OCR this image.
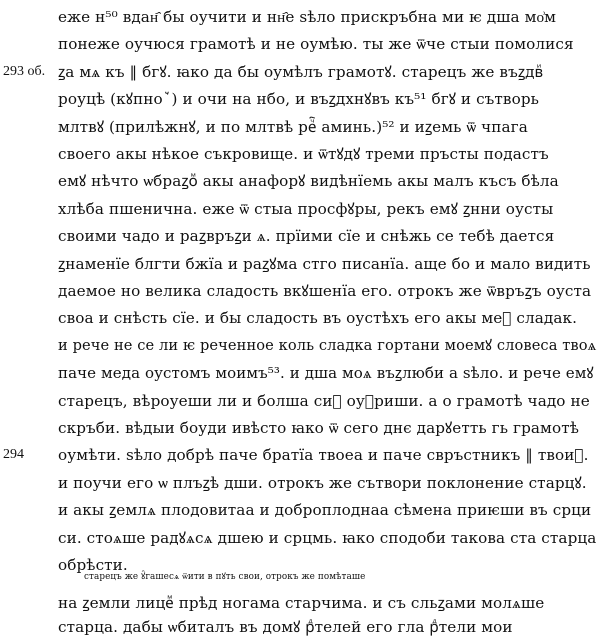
293 об.
294
еже н⁵⁰ вдан҄ бы оучити и нн҄е ѕѣло прискръбна ми ѥ дша мо͗м
понеже оучюся грамотѣ и не оумѣю. ты же ѿче стыи помолися
ꙁа мѧ къ ‖ бгꙋ. ꙗко да бы оумѣлъ грамотꙋ. старецъ же въꙁдвꙵ
роуцѣ (кꙋпноꙿ) и очи на нбо, и въꙁдхнꙋвъ къ⁵¹ бгꙋ и сътворь
млтвꙋ (прилѣжнꙋ, и по млтвѣ реⷱ҇ аминь.)⁵² и иꙁемь ѿ чпага
своего акы нѣкое съкровище. и ѿтꙋдꙋ треми пръсты подастъ
емꙋ нѣчто ѡбраꙁоⷨ акы анафорꙋ видѣнїемь акы малъ късъ бѣла
хлѣба пшенична. еже ѿ стыа просфꙋры, рекъ емꙋ ꙁнни оусты
своими чадо и раꙁвръꙁи ѧ. прїими сїе и снѣжь се тебѣ дается
ꙁнаменїе блгти бжїа и раꙁꙋма стго писанїа. аще бо и мало видить
даемое но велика сладость вкꙋшенїа его. отрокъ же ѿвръꙁъ оуста
своа и снѣсть сїе. и бы сладость въ оустѣхъ его акы меⷣ сладак.
и рече не се ли ѥ реченное коль сладка гортани моемꙋ словеса твоѧ
паче меда оустомъ моимъ⁵³. и дша моѧ въꙁлюби а ѕѣло. и рече емꙋ
старецъ, вѣроуеши ли и болша сиⷯ оуꙁриши. а о грамотѣ чадо не
скръби. вѣдыи боуди ивѣсто ꙗко ѿ сего днє дарꙋетть гь грамотѣ
оумѣти. ѕѣло добрѣ паче братїа твоеа и паче свръстникъ ‖ твоиⷯ.
и поучи его ѡ плъꙁѣ дши. отрокъ же сътвори поклонение старцꙋ.
и акы ꙁемлѧ плодовитаа и доброплоднаа сѣмена приѥши въ срци
си. стоѧше радꙋѧсѧ дшею и срцмь. ꙗко сподоби такова ста старца
обрѣсти.
старецъ же ꙋ̑гашесѧ ѿити в пꙋть свои, отрокъ же помѣташе
на ꙁемли лицеⷨ прѣд ногама старчима. и съ сльꙁами молѧше
старца. дабы ѡбиталъ въ домꙋ рⷣтелей его гла рⷣтели мои
